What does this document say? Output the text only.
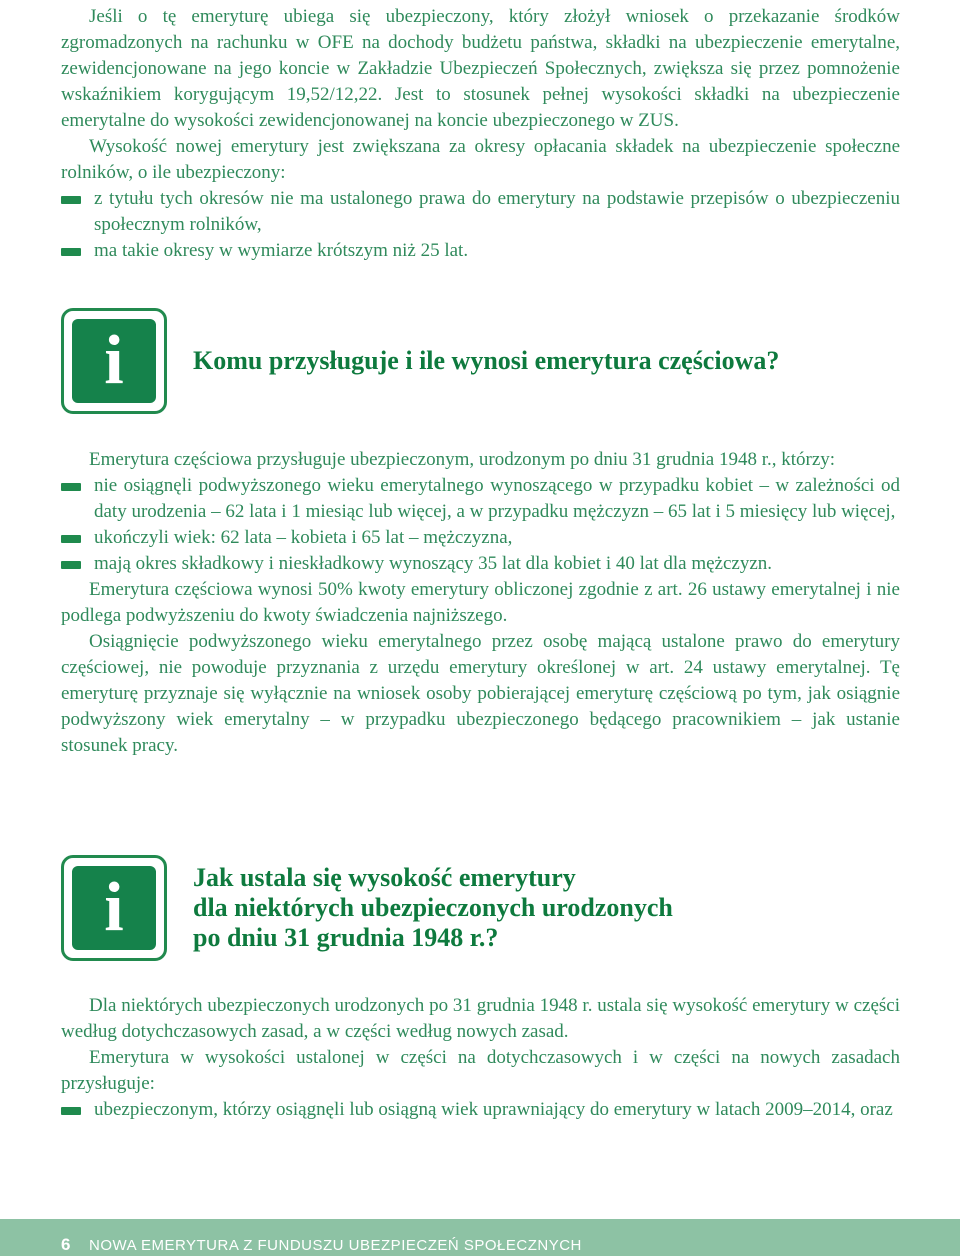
Jeśli o tę emeryturę ubiega się ubezpieczony, który złożył wniosek o przekazanie środków zgromadzonych na rachunku w OFE na dochody budżetu państwa, składki na ubezpieczenie emerytalne, zewidencjonowane na jego koncie w Zakładzie Ubezpieczeń Społecznych, zwiększa się przez pomnożenie wskaźnikiem korygującym 19,52/12,22. Jest to stosunek pełnej wysokości składki na ubezpieczenie emerytalne do wysokości zewidencjonowanej na koncie ubezpieczonego w ZUS.

Wysokość nowej emerytury jest zwiększana za okresy opłacania składek na ubezpieczenie społeczne rolników, o ile ubezpieczony:

z tytułu tych okresów nie ma ustalonego prawa do emerytury na podstawie przepisów o ubezpieczeniu społecznym rolników,

ma takie okresy w wymiarze krótszym niż 25 lat.

i	Komu przysługuje i ile wynosi emerytura częściowa?

Emerytura częściowa przysługuje ubezpieczonym, urodzonym po dniu 31 grudnia 1948 r., którzy:

nie osiągnęli podwyższonego wieku emerytalnego wynoszącego w przypadku kobiet – w zależności od daty urodzenia – 62 lata i 1 miesiąc lub więcej, a w przypadku mężczyzn – 65 lat i 5 miesięcy lub więcej,

ukończyli wiek: 62 lata – kobieta i 65 lat – mężczyzna,

mają okres składkowy i nieskładkowy wynoszący 35 lat dla kobiet i 40 lat dla mężczyzn.

Emerytura częściowa wynosi 50% kwoty emerytury obliczonej zgodnie z art. 26 ustawy emerytalnej i nie podlega podwyższeniu do kwoty świadczenia najniższego.

Osiągnięcie podwyższonego wieku emerytalnego przez osobę mającą ustalone prawo do emerytury częściowej, nie powoduje przyznania z urzędu emerytury określonej w art. 24 ustawy emerytalnej. Tę emeryturę przyznaje się wyłącznie na wniosek osoby pobierającej emeryturę częściową po tym, jak osiągnie podwyższony wiek emerytalny – w przypadku ubezpieczonego będącego pracownikiem – jak ustanie stosunek pracy.

i	Jak ustala się wysokość emerytury
dla niektórych ubezpieczonych urodzonych
po dniu 31 grudnia 1948 r.?

Dla niektórych ubezpieczonych urodzonych po 31 grudnia 1948 r. ustala się wysokość emerytury w części według dotychczasowych zasad, a w części według nowych zasad.

Emerytura w wysokości ustalonej w części na dotychczasowych i w części na nowych zasadach przysługuje:

ubezpieczonym, którzy osiągnęli lub osiągną wiek uprawniający do emerytury w latach 2009–2014, oraz

6 NOWA EMERYTURA Z FUNDUSZU UBEZPIECZEŃ SPOŁECZNYCH
